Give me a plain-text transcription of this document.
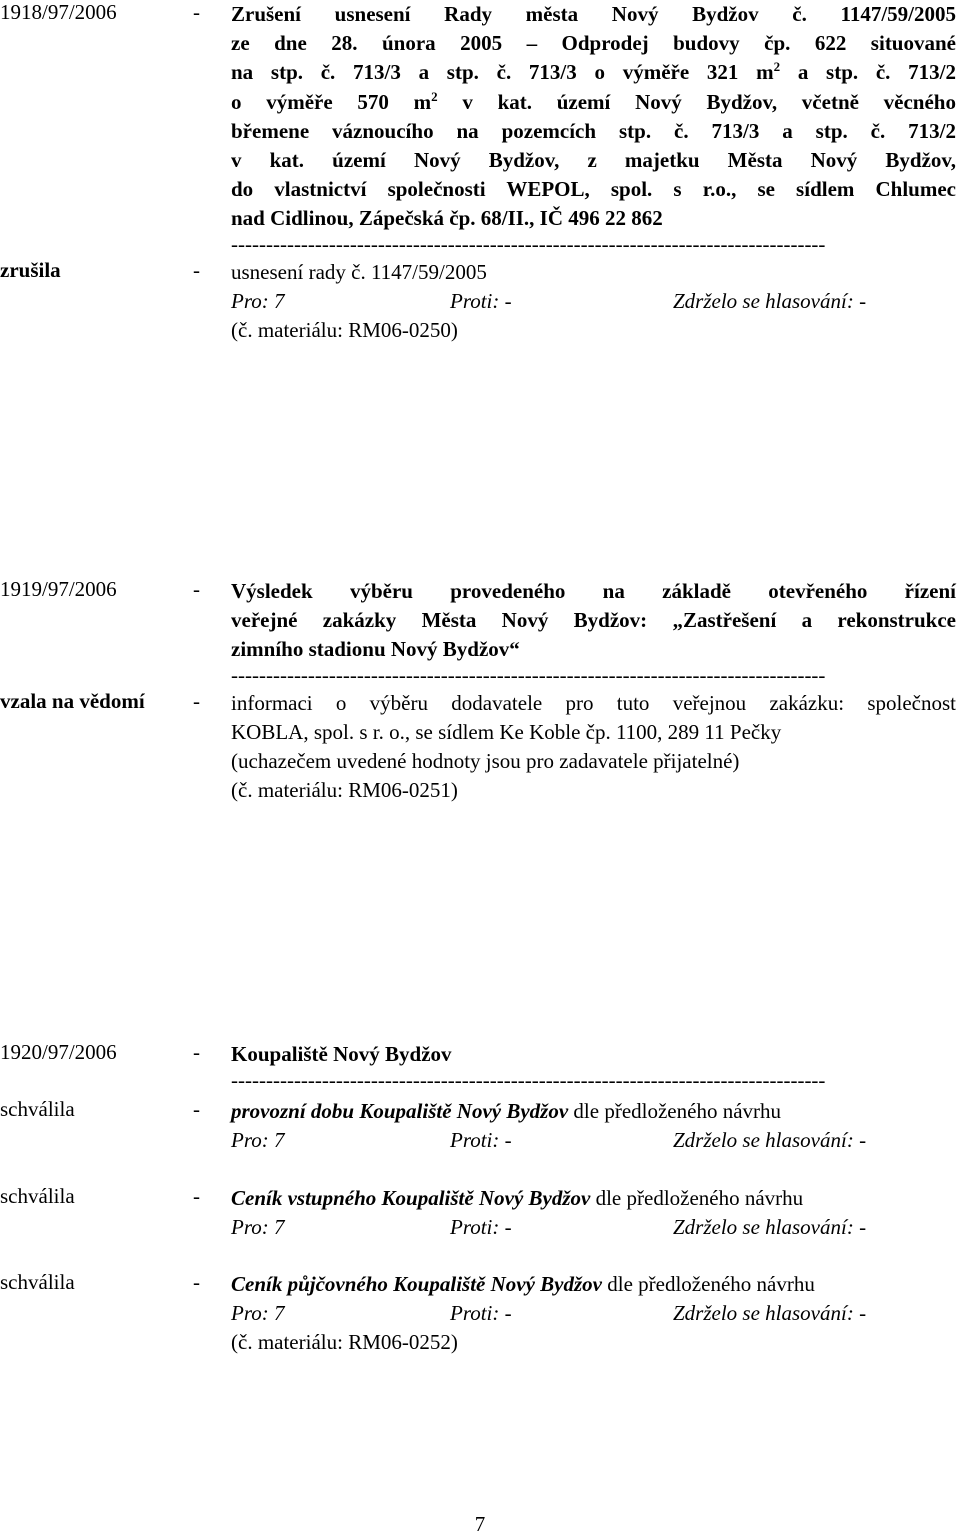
1918/97/2006	- Zrušení usnesení Rady města Nový Bydžov č. 1147/59/2005
ze dne 28. února 2005 – Odprodej budovy čp. 622 situované
na stp. č. 713/3 a stp. č. 713/3 o výměře 321 $m^2$ a stp. č. 713/2
o výměře 570 $m^2$ v kat. území Nový Bydžov, včetně věcného
břemene váznoucího na pozemcích stp. č. 713/3 a stp. č. 713/2
v kat. území Nový Bydžov, z majetku Města Nový Bydžov,
do vlastnictví společnosti WEPOL, spol. s r.o., se sídlem Chlumec
nad Cidlinou, Zápečská čp. 68/II., IČ 496 22 862
-------------------------------------------------------------------------------------
zrušila	- usnesení rady č. 1147/59/2005
Pro: 7	Proti: -	Zdrželo se hlasování: -
(č. materiálu: RM06-0250)
1919/97/2006	- Výsledek výběru provedeného na základě otevřeného řízení
veřejné zakázky Města Nový Bydžov: „Zastřešení a rekonstrukce
zimního stadionu Nový Bydžov“
-------------------------------------------------------------------------------------
vzala na vědomí - informaci o výběru dodavatele pro tuto veřejnou zakázku: společnost
KOBLA, spol. s r. o., se sídlem Ke Koble čp. 1100, 289 11 Pečky
(uchazečem uvedené hodnoty jsou pro zadavatele přijatelné)
(č. materiálu: RM06-0251)
1920/97/2006	- Koupaliště Nový Bydžov
-------------------------------------------------------------------------------------
schválila	- provozní dobu Koupaliště Nový Bydžov dle předloženého návrhu
Pro: 7	Proti: -	Zdrželo se hlasování: -
schválila	- Ceník vstupného Koupaliště Nový Bydžov dle předloženého návrhu
Pro: 7	Proti: -	Zdrželo se hlasování: -
schválila	- Ceník půjčovného Koupaliště Nový Bydžov dle předloženého návrhu
Pro: 7	Proti: -	Zdrželo se hlasování: -
(č. materiálu: RM06-0252)
7
